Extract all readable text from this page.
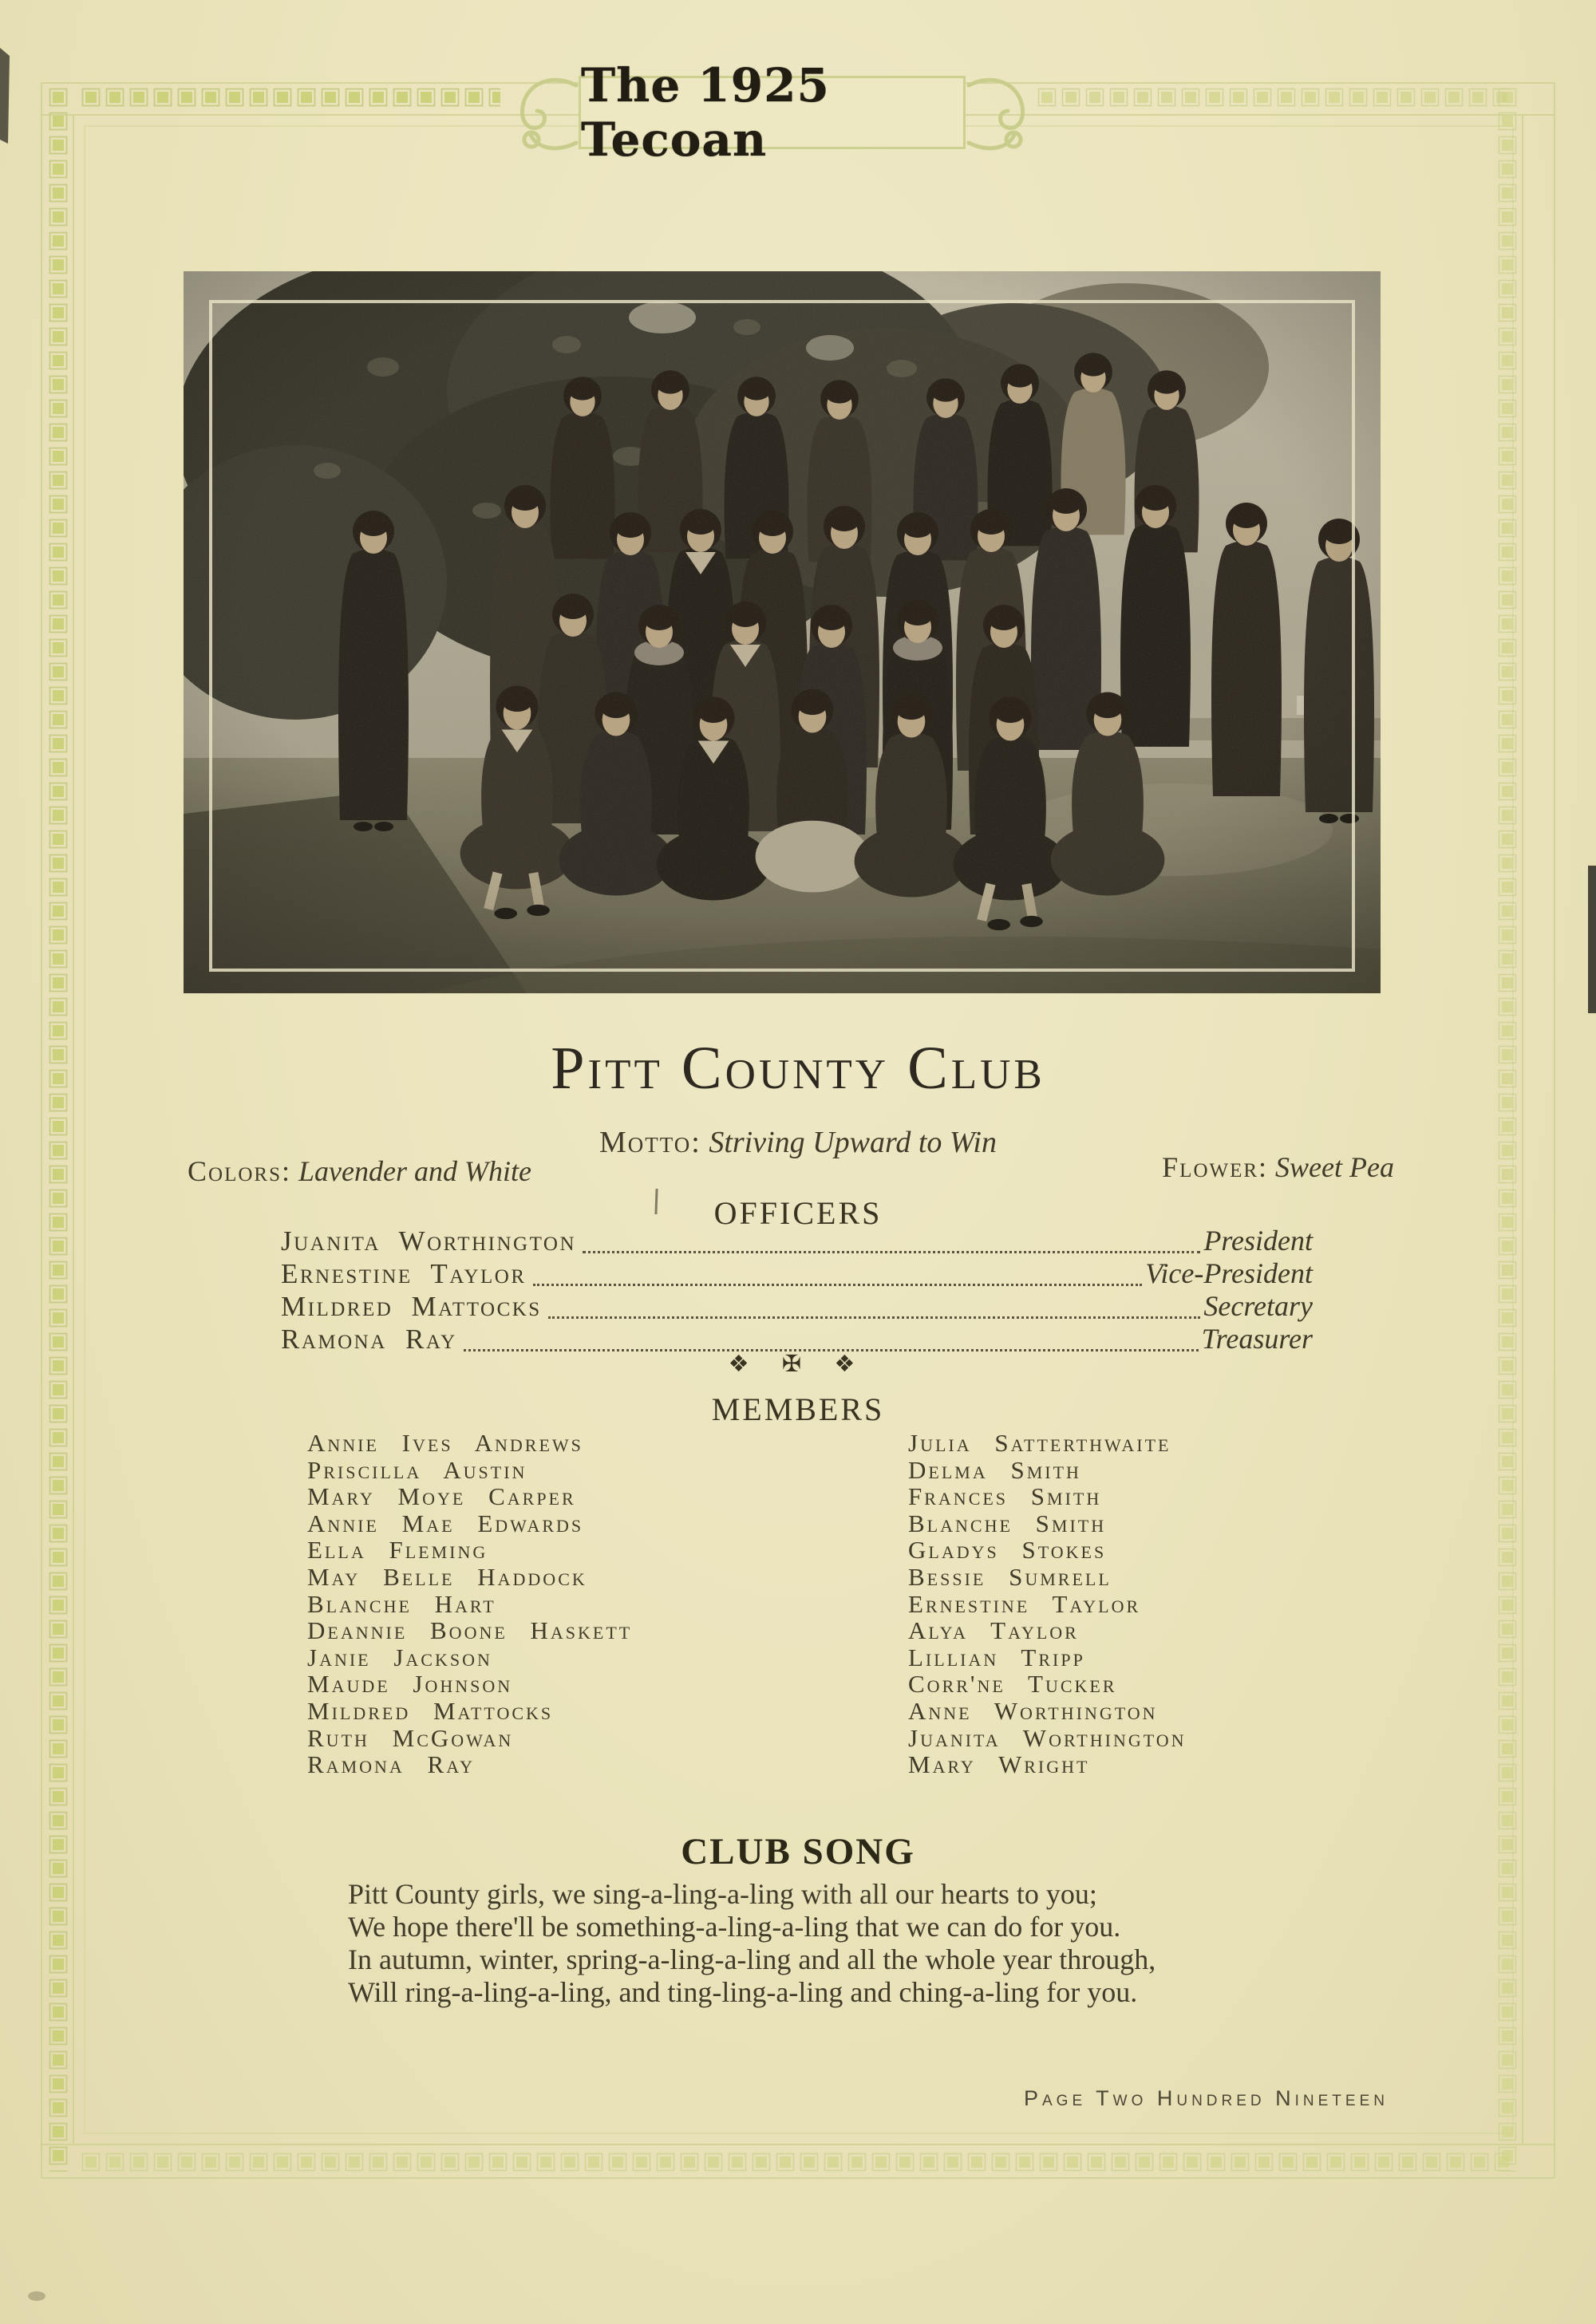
The 1925 Tecoan
Pitt County Club
Motto: Striving Upward to Win
Colors: Lavender and White	Flower: Sweet Pea
OFFICERS
Juanita Worthington	President
Ernestine Taylor	Vice-President
Mildred Mattocks	Secretary
Ramona Ray	Treasurer
❖ ✠ ❖
MEMBERS
Annie Ives Andrews
Priscilla Austin
Mary Moye Carper
Annie Mae Edwards
Ella Fleming
May Belle Haddock
Blanche Hart
Deannie Boone Haskett
Janie Jackson
Maude Johnson
Mildred Mattocks
Ruth McGowan
Ramona Ray
Julia Satterthwaite
Delma Smith
Frances Smith
Blanche Smith
Gladys Stokes
Bessie Sumrell
Ernestine Taylor
Alya Taylor
Lillian Tripp
Corr'ne Tucker
Anne Worthington
Juanita Worthington
Mary Wright
CLUB SONG
Pitt County girls, we sing-a-ling-a-ling with all our hearts to you;
We hope there'll be something-a-ling-a-ling that we can do for you.
In autumn, winter, spring-a-ling-a-ling and all the whole year through,
Will ring-a-ling-a-ling, and ting-ling-a-ling and ching-a-ling for you.
Page Two Hundred Nineteen
